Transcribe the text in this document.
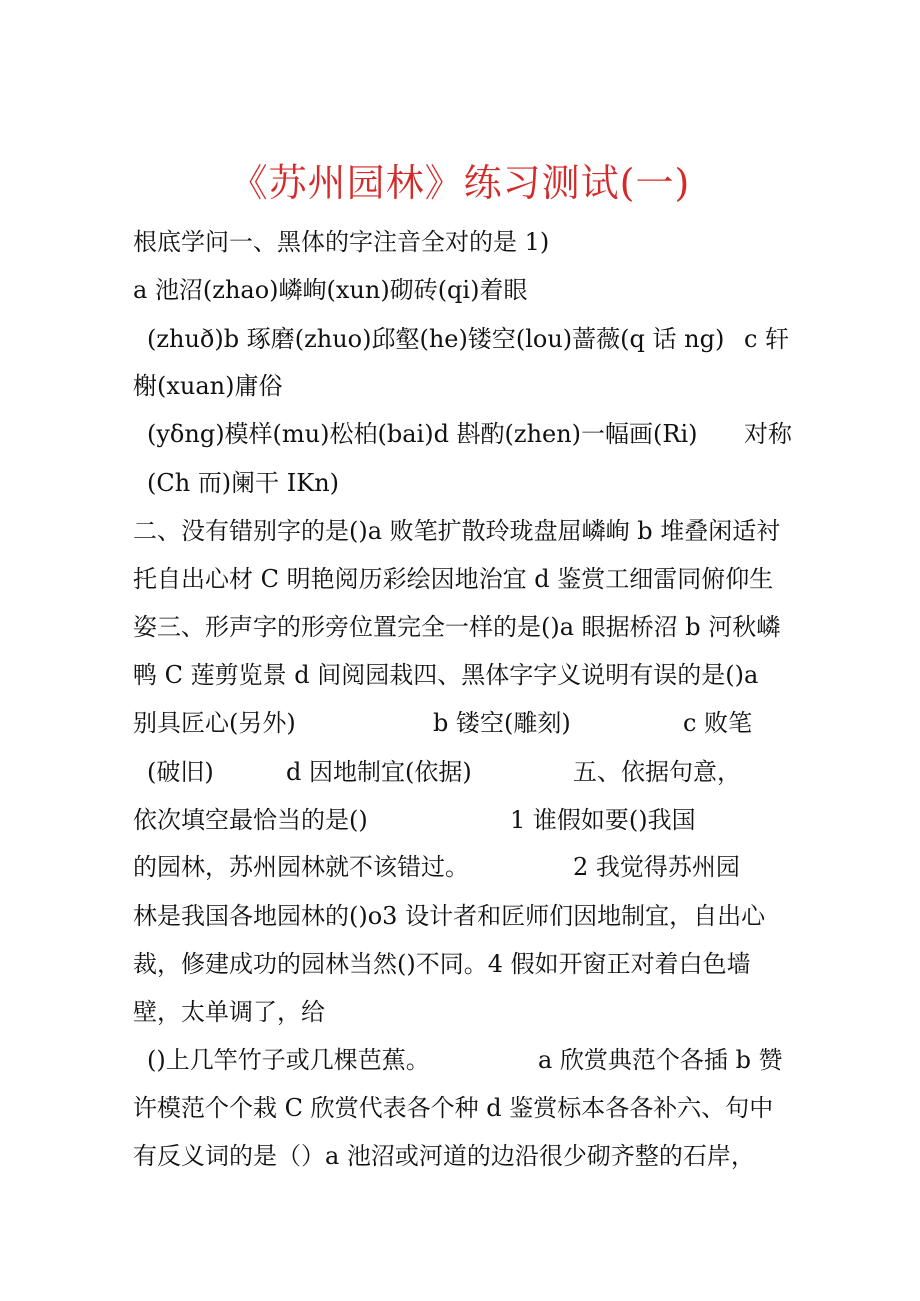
《苏州园林》练习测试(一)
根底学问一、黑体的字注音全对的是 1)
a 池沼(zhao)嶙峋(xun)砌砖(qi)着眼
(zhuð)b 琢磨(zhuo)邱壑(he)镂空(lou)蔷薇(q 话 ng) c 轩
榭(xuan)庸俗
(yδng)模样(mu)松柏(bai)d 斟酌(zhen)一幅画(Ri) 对称
(Ch 而)阑干 IKn)
二、没有错别字的是()a 败笔扩散玲珑盘屈嶙峋 b 堆叠闲适衬
托自出心材 C 明艳阅历彩绘因地治宜 d 鉴赏工细雷同俯仰生
姿三、形声字的形旁位置完全一样的是()a 眼据桥沼 b 河秋嶙
鸭 C 莲剪览景 d 间阅园栽四、黑体字字义说明有误的是()a
别具匠心(另外)	b 镂空(雕刻)	c 败笔
(破旧)	d 因地制宜(依据)	五、依据句意，
依次填空最恰当的是()	1 谁假如要()我国
的园林，苏州园林就不该错过。	2 我觉得苏州园
林是我国各地园林的()o3 设计者和匠师们因地制宜，自出心
裁，修建成功的园林当然()不同。4 假如开窗正对着白色墙
壁，太单调了，给
()上几竿竹子或几棵芭蕉。	a 欣赏典范个各插 b 赞
许模范个个栽 C 欣赏代表各个种 d 鉴赏标本各各补六、句中
有反义词的是（）a 池沼或河道的边沿很少砌齐整的石岸，
